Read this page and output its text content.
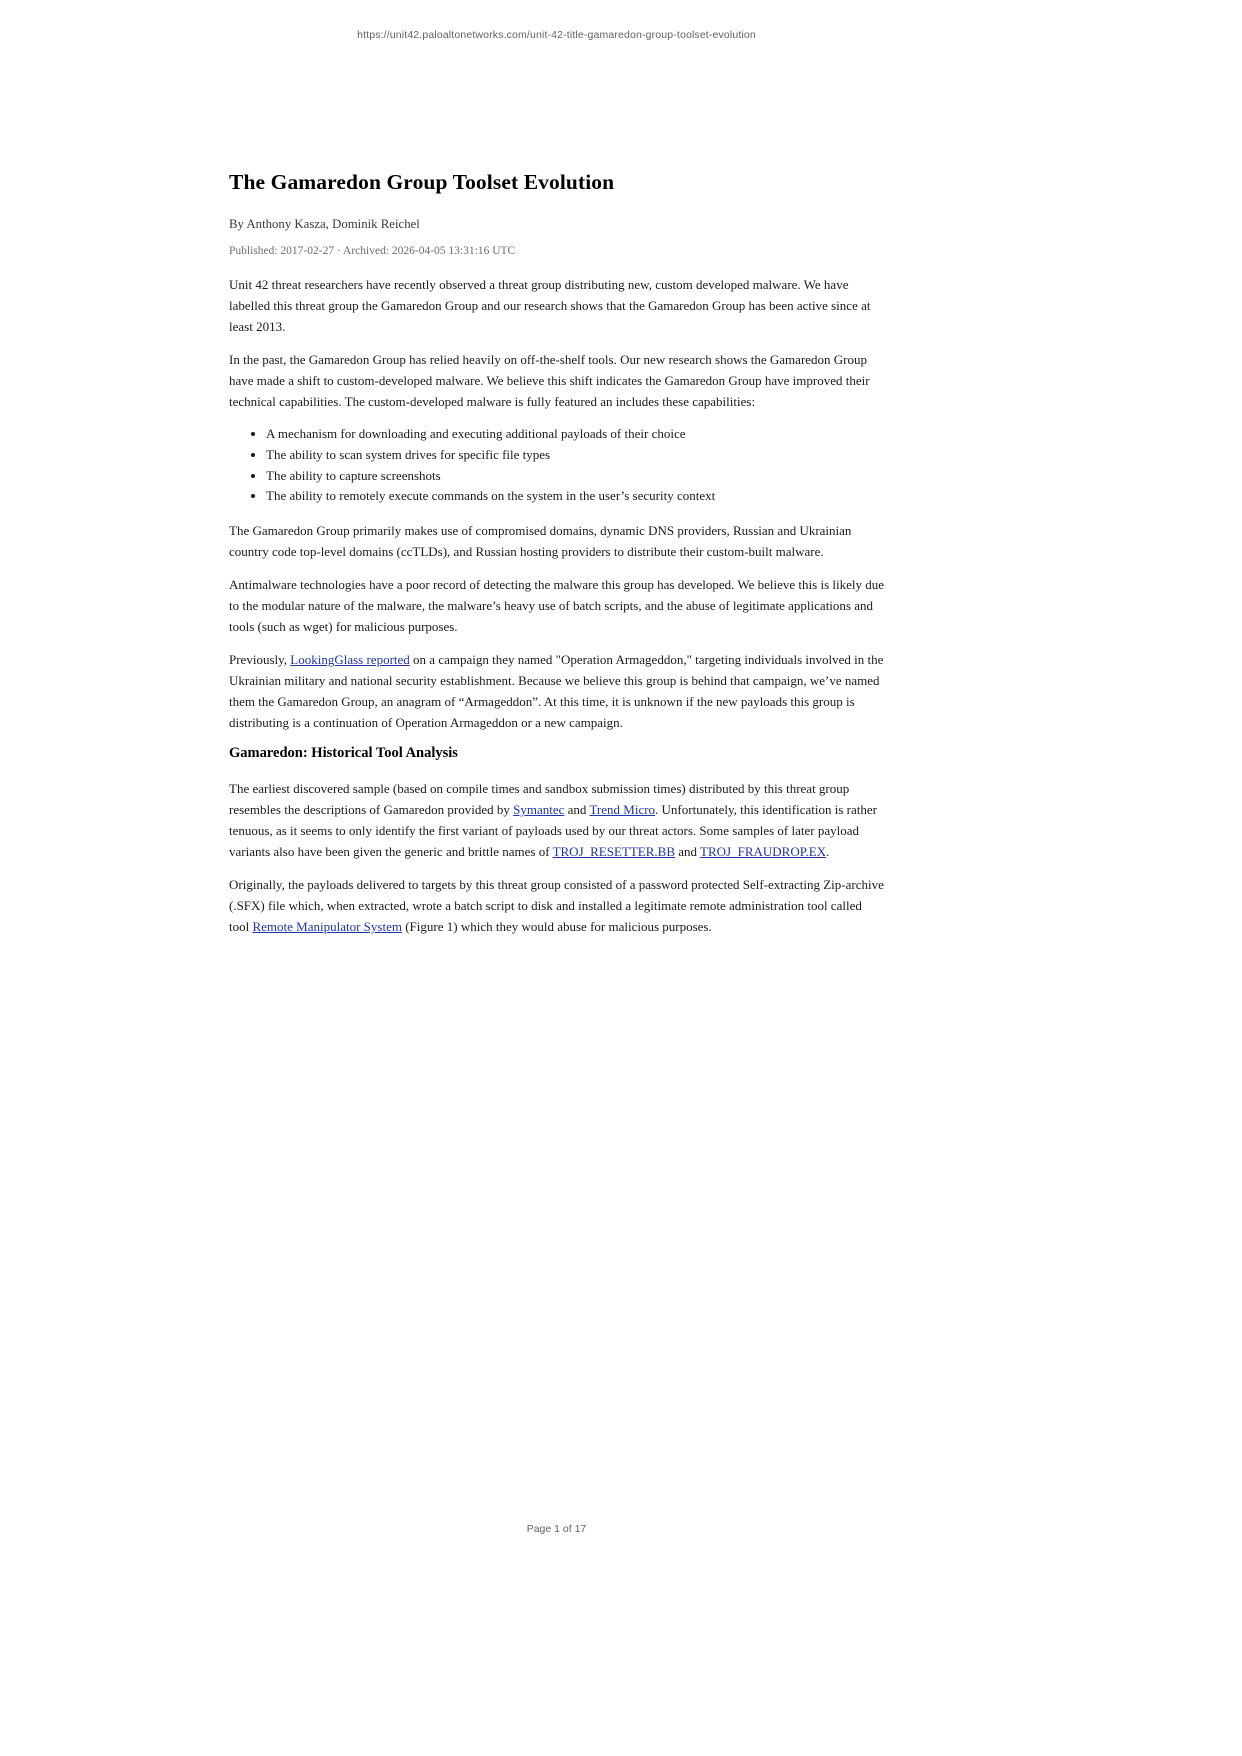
https://unit42.paloaltonetworks.com/unit-42-title-gamaredon-group-toolset-evolution
The Gamaredon Group Toolset Evolution
By Anthony Kasza, Dominik Reichel
Published: 2017-02-27 · Archived: 2026-04-05 13:31:16 UTC

Unit 42 threat researchers have recently observed a threat group distributing new, custom developed malware. We have labelled this threat group the Gamaredon Group and our research shows that the Gamaredon Group has been active since at least 2013.

In the past, the Gamaredon Group has relied heavily on off-the-shelf tools. Our new research shows the Gamaredon Group have made a shift to custom-developed malware. We believe this shift indicates the Gamaredon Group have improved their technical capabilities. The custom-developed malware is fully featured an includes these capabilities:

• A mechanism for downloading and executing additional payloads of their choice
• The ability to scan system drives for specific file types
• The ability to capture screenshots
• The ability to remotely execute commands on the system in the user’s security context

The Gamaredon Group primarily makes use of compromised domains, dynamic DNS providers, Russian and Ukrainian country code top-level domains (ccTLDs), and Russian hosting providers to distribute their custom-built malware.

Antimalware technologies have a poor record of detecting the malware this group has developed. We believe this is likely due to the modular nature of the malware, the malware’s heavy use of batch scripts, and the abuse of legitimate applications and tools (such as wget) for malicious purposes.

Previously, LookingGlass reported on a campaign they named "Operation Armageddon," targeting individuals involved in the Ukrainian military and national security establishment. Because we believe this group is behind that campaign, we’ve named them the Gamaredon Group, an anagram of “Armageddon”. At this time, it is unknown if the new payloads this group is distributing is a continuation of Operation Armageddon or a new campaign.

Gamaredon: Historical Tool Analysis

The earliest discovered sample (based on compile times and sandbox submission times) distributed by this threat group resembles the descriptions of Gamaredon provided by Symantec and Trend Micro. Unfortunately, this identification is rather tenuous, as it seems to only identify the first variant of payloads used by our threat actors. Some samples of later payload variants also have been given the generic and brittle names of TROJ_RESETTER.BB and TROJ_FRAUDROP.EX.

Originally, the payloads delivered to targets by this threat group consisted of a password protected Self-extracting Zip-archive (.SFX) file which, when extracted, wrote a batch script to disk and installed a legitimate remote administration tool called tool Remote Manipulator System (Figure 1) which they would abuse for malicious purposes.

Page 1 of 17
